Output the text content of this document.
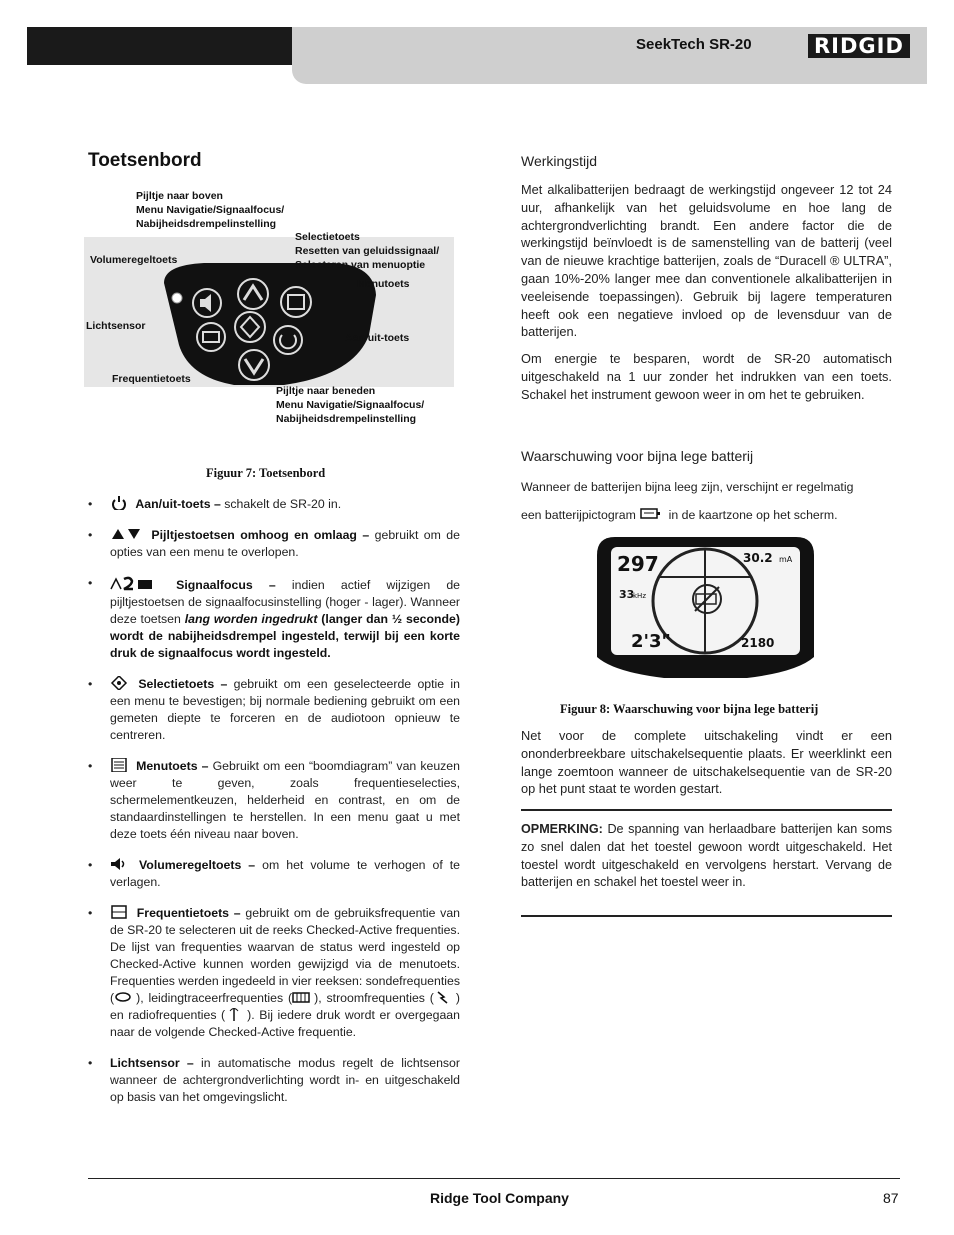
SeekTech SR-20	RIDGID
Toetsenbord
Pijltje naar boven
Menu Navigatie/Signaalfocus/
Nabijheidsdrempelinstelling
Selectietoets
Resetten van geluidssignaal/
Selecteren van menuoptie
Volumeregeltoets
Menutoets
Lichtsensor
Aan/uit-toets
Frequentietoets
Pijltje naar beneden
Menu Navigatie/Signaalfocus/
Nabijheidsdrempelinstelling
Figuur 7: Toetsenbord
•	Aan/uit-toets – schakelt de SR-20 in.
•	Pijltjestoetsen omhoog en omlaag – gebruikt om de opties van een menu te overlopen.
•	Signaalfocus – indien actief wijzigen de pijltjestoetsen de signaalfocusinstelling (hoger - lager). Wanneer deze toetsen lang worden ingedrukt (langer dan ½ seconde) wordt de nabijheidsdrempel ingesteld, terwijl bij een korte druk de signaalfocus wordt ingesteld.
•	Selectietoets – gebruikt om een geselecteerde optie in een menu te bevestigen; bij normale bediening gebruikt om een gemeten diepte te forceren en de audiotoon opnieuw te centreren.
•	Menutoets – Gebruikt om een “boomdiagram” van keuzen weer te geven, zoals frequentieselecties, schermelementkeuzen, helderheid en contrast, en om de standaardinstellingen te herstellen. In een menu gaat u met deze toets één niveau naar boven.
•	Volumeregeltoets – om het volume te verhogen of te verlagen.
•	Frequentietoets – gebruikt om de gebruiksfrequentie van de SR-20 te selecteren uit de reeks Checked-Active frequenties. De lijst van frequenties waarvan de status werd ingesteld op Checked-Active kunnen worden gewijzigd via de menutoets. Frequenties werden ingedeeld in vier reeksen: sondefrequenties ( ), leidingtraceerfrequenties ( ), stroomfrequenties ( ) en radiofrequenties ( ). Bij iedere druk wordt er overgegaan naar de volgende Checked-Active frequentie.
• Lichtsensor – in automatische modus regelt de lichtsensor wanneer de achtergrondverlichting wordt in- en uitgeschakeld op basis van het omgevingslicht.
Werkingstijd
Met alkalibatterijen bedraagt de werkingstijd ongeveer 12 tot 24 uur, afhankelijk van het geluidsvolume en hoe lang de achtergrondverlichting brandt. Een andere factor die de werkingstijd beïnvloedt is de samenstelling van de batterij (veel van de nieuwe krachtige batterijen, zoals de “Duracell ® ULTRA”, gaan 10%-20% langer mee dan conventionele alkalibatterijen in veeleisende toepassingen). Gebruik bij lagere temperaturen heeft ook een negatieve invloed op de levensduur van de batterijen.
Om energie te besparen, wordt de SR-20 automatisch uitgeschakeld na 1 uur zonder het indrukken van een toets. Schakel het instrument gewoon weer in om het te gebruiken.
Waarschuwing voor bijna lege batterij
Wanneer de batterijen bijna leeg zijn, verschijnt er regelmatig
een batterijpictogram  in de kaartzone op het scherm.
297	30.2 mA
33
kHz
2'3"	2180
Figuur 8: Waarschuwing voor bijna lege batterij
Net voor de complete uitschakeling vindt er een ononderbreekbare uitschakelsequentie plaats. Er weerklinkt een lange zoemtoon wanneer de uitschakelsequentie van de SR-20 op het punt staat te worden gestart.
OPMERKING: De spanning van herlaadbare batterijen kan soms zo snel dalen dat het toestel gewoon wordt uitgeschakeld. Het toestel wordt uitgeschakeld en vervolgens herstart. Vervang de batterijen en schakel het toestel weer in.
Ridge Tool Company	87
